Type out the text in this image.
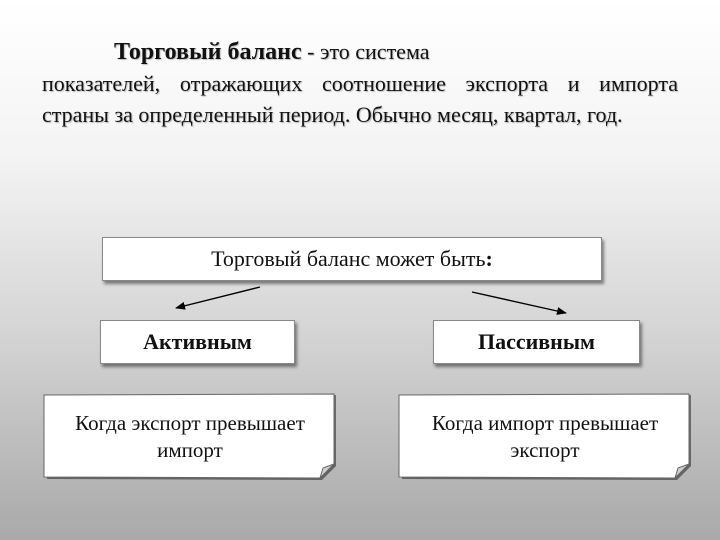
Торговый баланс - это система
показателей, отражающих соотношение экспорта и импорта страны за определенный период. Обычно месяц, квартал, год.
Торговый баланс может быть :
Активным	Пассивным
Когда экспорт превышает импорт
Когда импорт превышает экспорт
